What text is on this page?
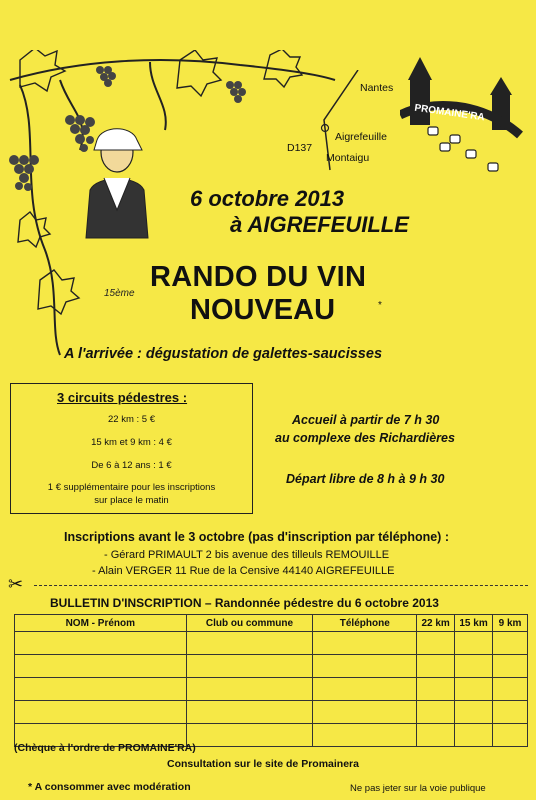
Nantes
D137
Aigrefeuille
Montaigu
PROMAINE'RA
6 octobre 2013
à AIGREFEUILLE
15ème
RANDO DU VIN
NOUVEAU	*
A l'arrivée : dégustation de galettes-saucisses
3 circuits pédestres :
22 km : 5 €
15 km et 9 km : 4 €
De 6 à 12 ans : 1 €
1 € supplémentaire pour les inscriptions
sur place le matin
Accueil à partir de 7 h 30
au complexe des Richardières
Départ libre de 8 h à 9 h 30
Inscriptions avant le 3 octobre (pas d'inscription par téléphone) :
- Gérard PRIMAULT 2 bis avenue des tilleuls REMOUILLE
- Alain VERGER 11 Rue de la Censive 44140 AIGREFEUILLE
✂
BULLETIN D'INSCRIPTION – Randonnée pédestre du 6 octobre 2013
NOM - Prénom	Club ou commune	Téléphone	22 km	15 km	9 km

(Chèque à l'ordre de PROMAINE'RA)
Consultation sur le site de Promainera
* A consommer avec modération	Ne pas jeter sur la voie publique
